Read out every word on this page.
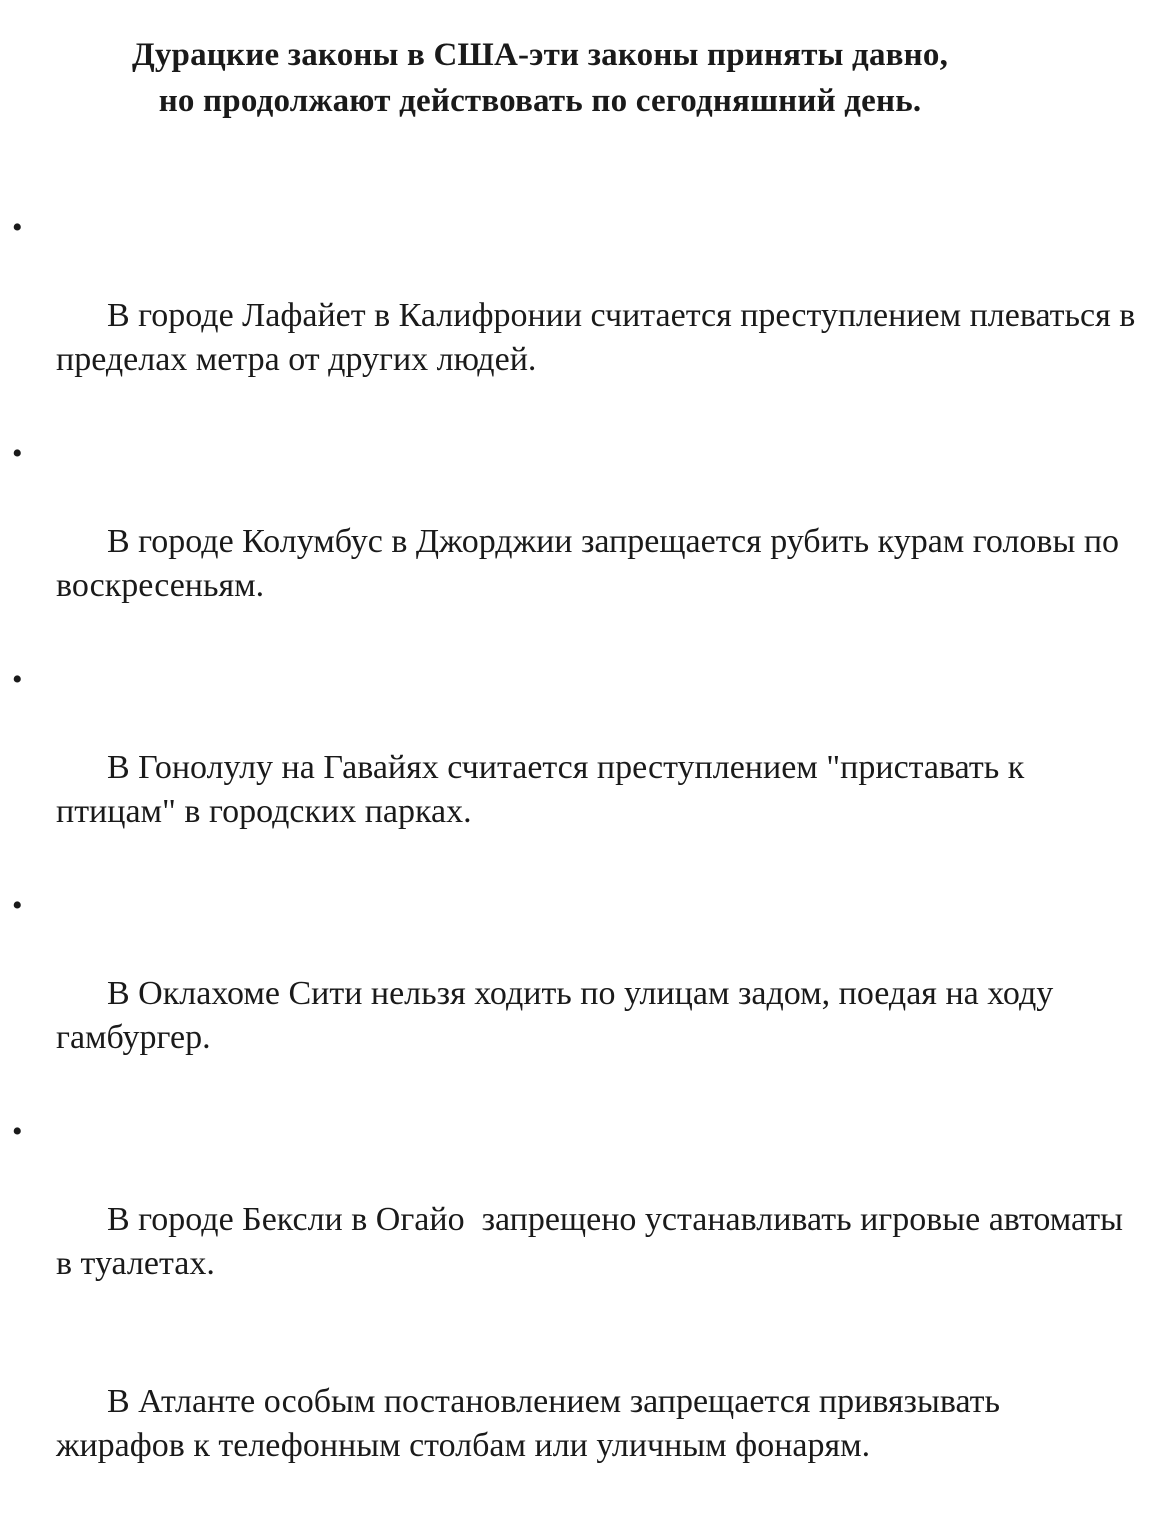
Дурацкие законы в США-эти законы приняты давно,
но продолжают действовать по сегодняшний день.

•

В городе Лафайет в Калифронии считается преступлением плеваться в пределах метра от других людей.

•

В городе Колумбус в Джорджии запрещается рубить курам головы по воскресеньям.

•

В Гонолулу на Гавайях считается преступлением "приставать к птицам" в городских парках.

•

В Оклахоме Сити нельзя ходить по улицам задом, поедая на ходу гамбургер.

•

В городе Бексли в Огайо  запрещено устанавливать игровые автоматы в туалетах.

В Атланте особым постановлением запрещается привязывать жирафов к телефонным столбам или уличным фонарям.
